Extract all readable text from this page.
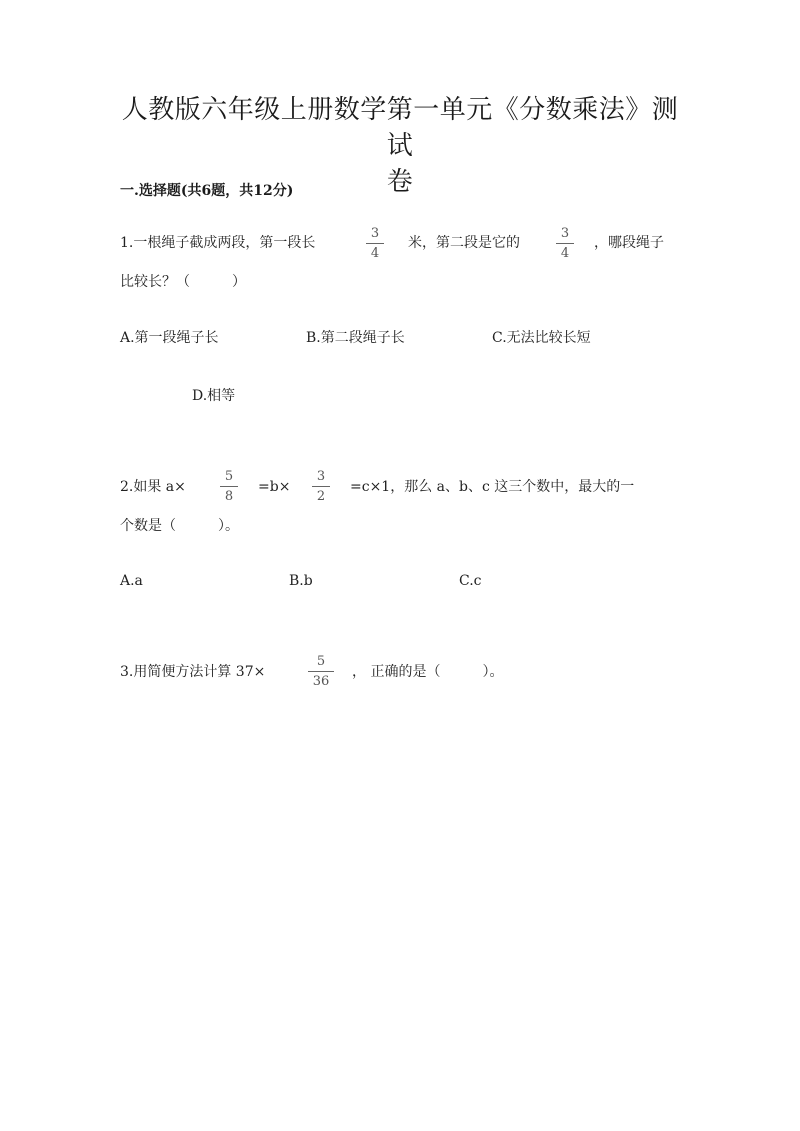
人教版六年级上册数学第一单元《分数乘法》测试
卷
一.选择题(共6题，共12分)
1.一根绳子截成两段，第一段长
3
4
米，第二段是它的
3
4
，哪段绳子
比较长？（　　　）
A.第一段绳子长	B.第二段绳子长	C.无法比较长短
D.相等
2.如果 a×
5
8
=b×
3
2
=c×1，那么 a、b、c 这三个数中，最大的一
个数是（　　　）。
A.a	B.b	C.c
3.用简便方法计算 37×
5
36
， 正确的是（　　　）。
